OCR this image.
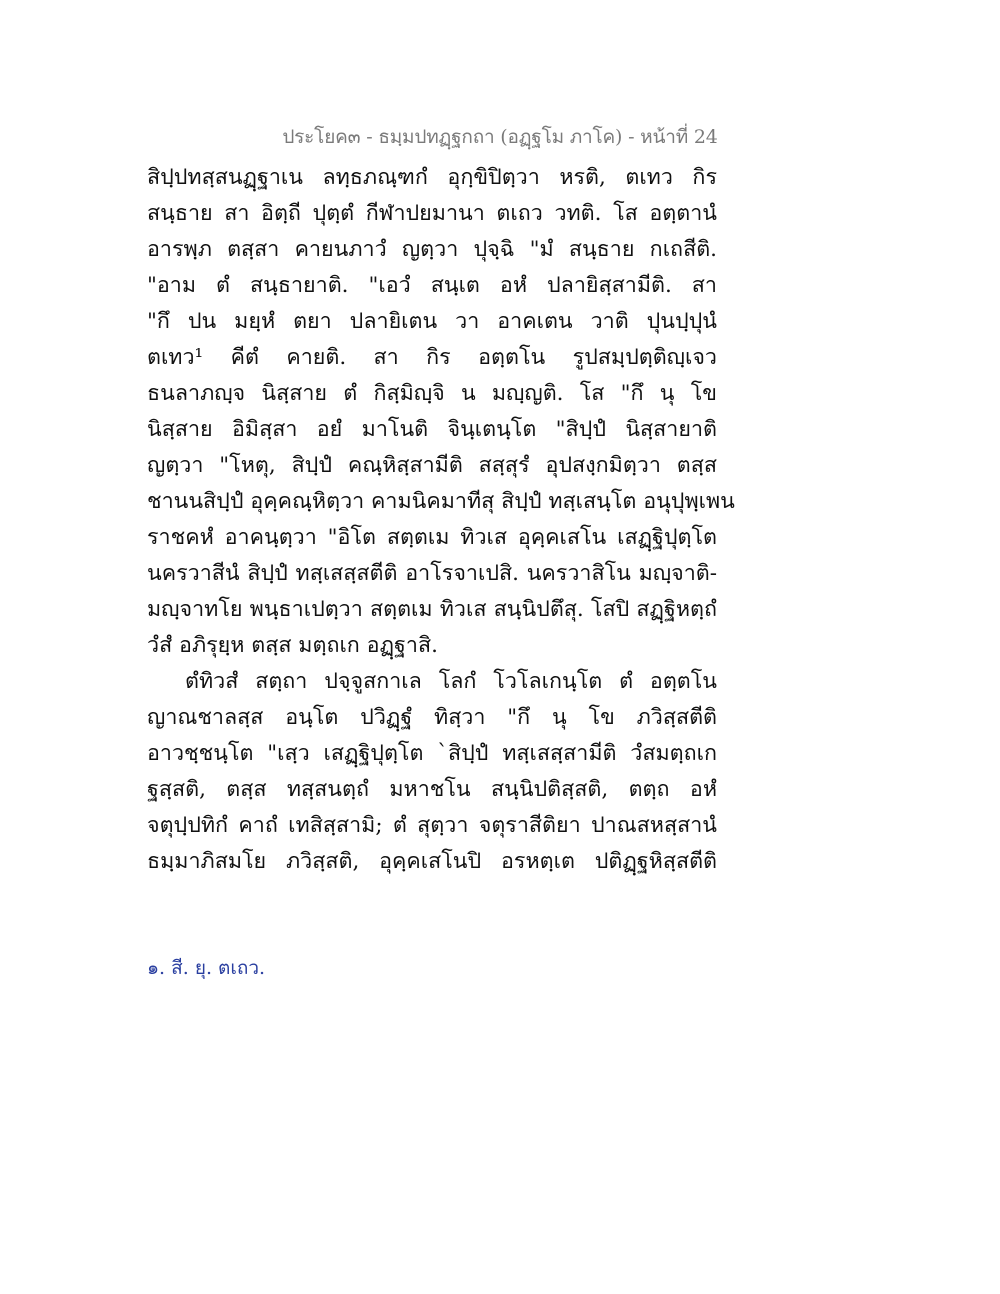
ประโยค๓ - ธมฺมปทฏฺฐกถา (อฏฺฐโม ภาโค) - หน้าที่ 24
สิปฺปทสฺสนฏฺฐาเน ลทฺธภณฺฑกํ อุกฺขิปิตฺวา หรติ, ตเทว กิร
สนฺธาย สา อิตฺถี ปุตฺตํ กีฬาปยมานา ตเถว วทติ. โส อตฺตานํ
อารพฺภ ตสฺสา คายนภาวํ ญตฺวา ปุจฺฉิ "มํ สนฺธาย กเถสีติ.
"อาม ตํ สนฺธายาติ. "เอวํ สนฺเต อหํ ปลายิสฺสามีติ. สา
"กึ ปน มยฺหํ ตยา ปลายิเตน วา อาคเตน วาติ ปุนปฺปุนํ
ตเทว¹ คีตํ คายติ. สา กิร อตฺตโน รูปสมฺปตฺติญฺเจว
ธนลาภญฺจ นิสฺสาย ตํ กิสฺมิญฺจิ น มญฺญติ. โส "กึ นุ โข
นิสฺสาย อิมิสฺสา อยํ มาโนติ จินฺเตนฺโต "สิปฺปํ นิสฺสายาติ
ญตฺวา "โหตุ, สิปฺปํ คณฺหิสฺสามีติ สสฺสุรํ อุปสงฺกมิตฺวา ตสฺส
ชานนสิปฺปํ อุคฺคณฺหิตฺวา คามนิคมาทีสุ สิปฺปํ ทสฺเสนฺโต อนุปุพฺเพน
ราชคหํ อาคนฺตฺวา "อิโต สตฺตเม ทิวเส อุคฺคเสโน เสฏฺฐิปุตฺโต
นครวาสีนํ สิปฺปํ ทสฺเสสฺสตีติ อาโรจาเปสิ. นครวาสิโน มญฺจาติ-
มญฺจาทโย พนฺธาเปตฺวา สตฺตเม ทิวเส สนฺนิปตึสุ. โสปิ สฏฺฐิหตฺถํ
วํสํ อภิรุยฺห ตสฺส มตฺถเก อฏฺฐาสิ.
ตํทิวสํ สตฺถา ปจฺจูสกาเล โลกํ โวโลเกนฺโต ตํ อตฺตโน
ญาณชาลสฺส อนฺโต ปวิฏฺฐํ ทิสฺวา "กึ นุ โข ภวิสฺสตีติ
อาวชฺชนฺโต "เสฺว เสฏฺฐิปุตฺโต `สิปฺปํ ทสฺเสสฺสามีติ วํสมตฺถเก
ฐสฺสติ, ตสฺส ทสฺสนตฺถํ มหาชโน สนฺนิปติสฺสติ, ตตฺถ อหํ
จตุปฺปทิกํ คาถํ เทสิสฺสามิ; ตํ สุตฺวา จตุราสีติยา ปาณสหสฺสานํ
ธมฺมาภิสมโย ภวิสฺสติ, อุคฺคเสโนปิ อรหตฺเต ปติฏฺฐหิสฺสตีติ
๑. สี. ยุ. ตเถว.
